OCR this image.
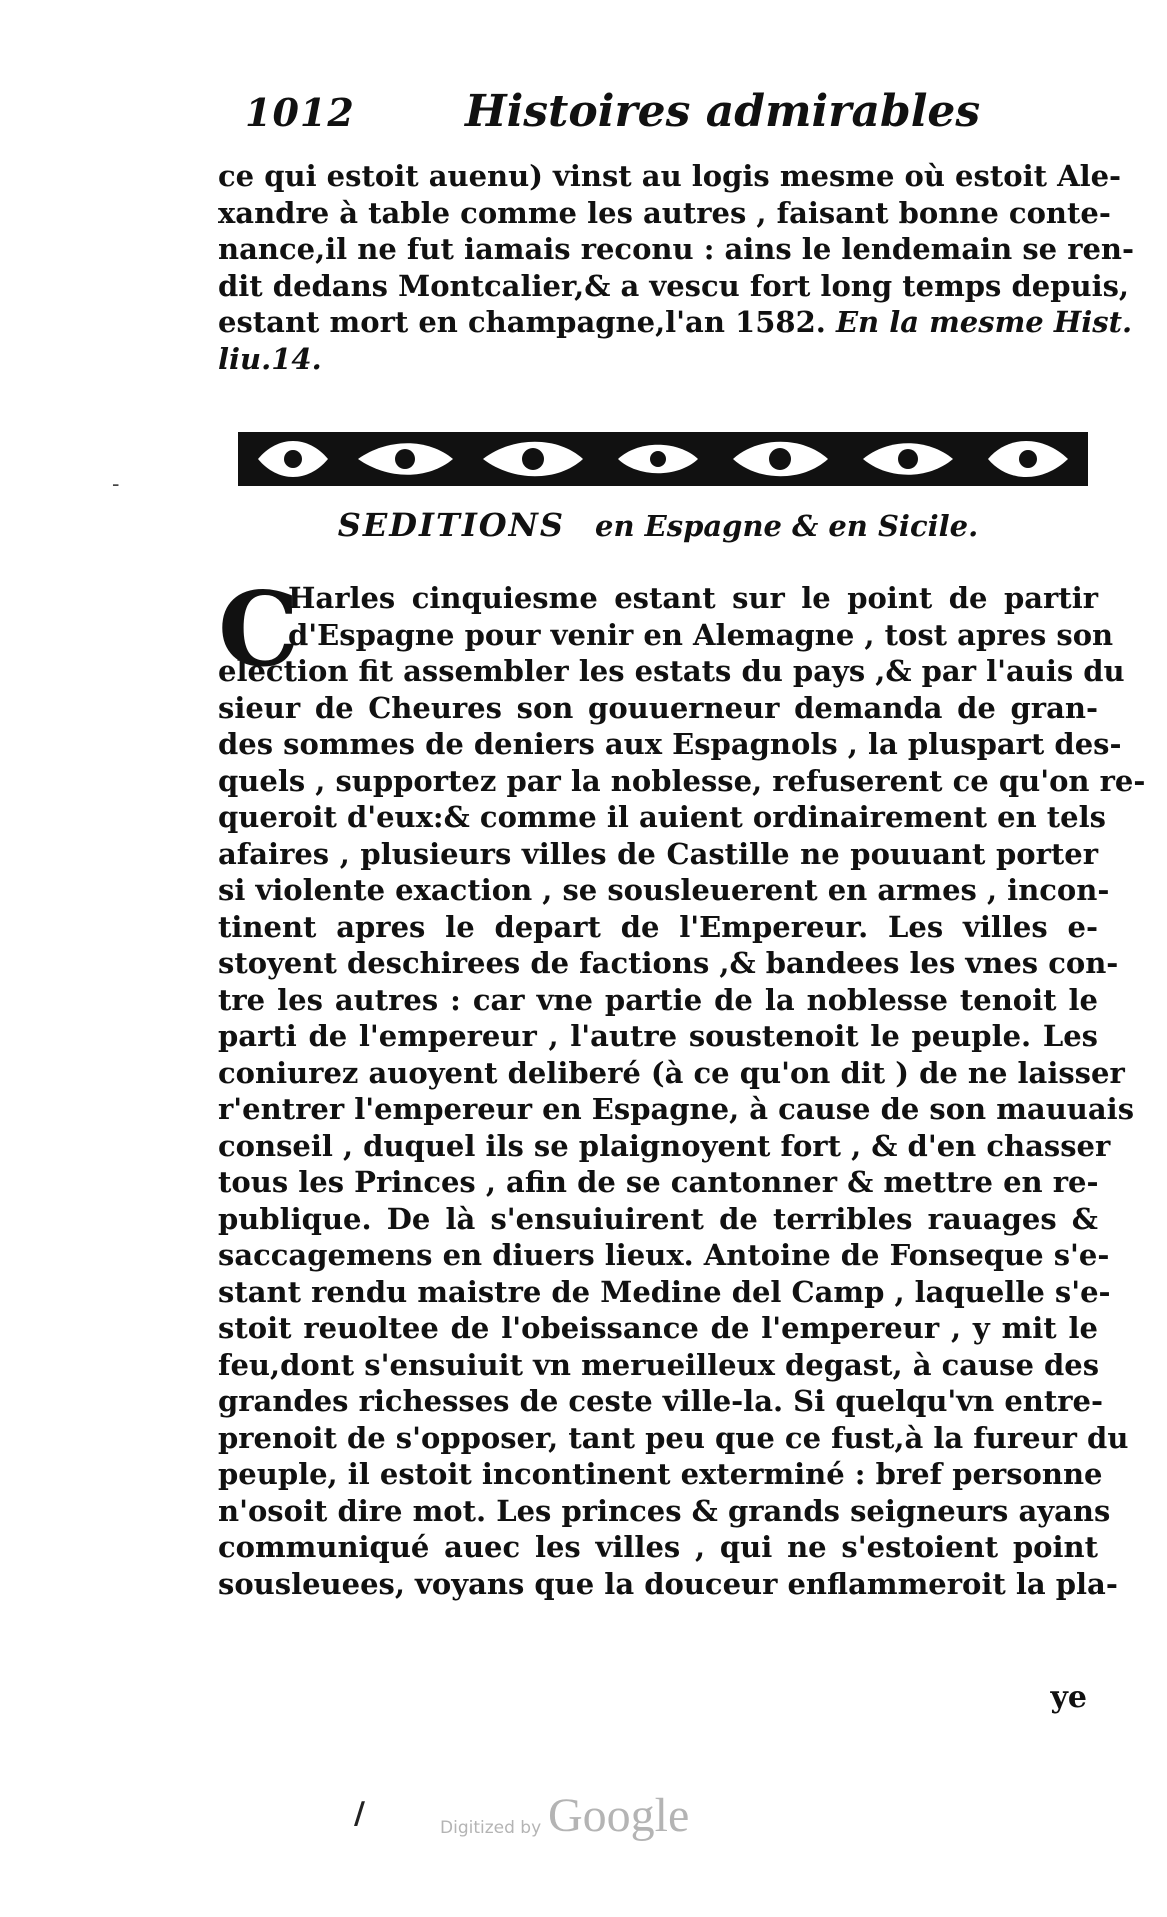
1012	Histoires admirables
ce qui estoit auenu) vinst au logis mesme où estoit Ale-
xandre à table comme les autres , faisant bonne conte-
nance,il ne fut iamais reconu : ains le lendemain se ren-
dit dedans Montcalier,& a vescu fort long temps depuis,
estant mort en champagne,l'an 1582. En la mesme Hist.
liu.14.
SEDITIONS en Espagne & en Sicile.
C
Harles cinquiesme estant sur le point de partir
d'Espagne pour venir en Alemagne , tost apres son
election fit assembler les estats du pays ,& par l'auis du
sieur de Cheures son gouuerneur demanda de gran-
des sommes de deniers aux Espagnols , la pluspart des-
quels , supportez par la noblesse, refuserent ce qu'on re-
queroit d'eux:& comme il auient ordinairement en tels
afaires , plusieurs villes de Castille ne pouuant porter
si violente exaction , se sousleuerent en armes , incon-
tinent apres le depart de l'Empereur. Les villes e-
stoyent deschirees de factions ,& bandees les vnes con-
tre les autres : car vne partie de la noblesse tenoit le
parti de l'empereur , l'autre soustenoit le peuple. Les
coniurez auoyent deliberé (à ce qu'on dit ) de ne laisser
r'entrer l'empereur en Espagne, à cause de son mauuais
conseil , duquel ils se plaignoyent fort , & d'en chasser
tous les Princes , afin de se cantonner & mettre en re-
publique. De là s'ensuiuirent de terribles rauages &
saccagemens en diuers lieux. Antoine de Fonseque s'e-
stant rendu maistre de Medine del Camp , laquelle s'e-
stoit reuoltee de l'obeissance de l'empereur , y mit le
feu,dont s'ensuiuit vn merueilleux degast, à cause des
grandes richesses de ceste ville-la. Si quelqu'vn entre-
prenoit de s'opposer, tant peu que ce fust,à la fureur du
peuple, il estoit incontinent exterminé : bref personne
n'osoit dire mot. Les princes & grands seigneurs ayans
communiqué auec les villes , qui ne s'estoient point
sousleuees, voyans que la douceur enflammeroit la pla-
ye
-
/	Digitized by Google
